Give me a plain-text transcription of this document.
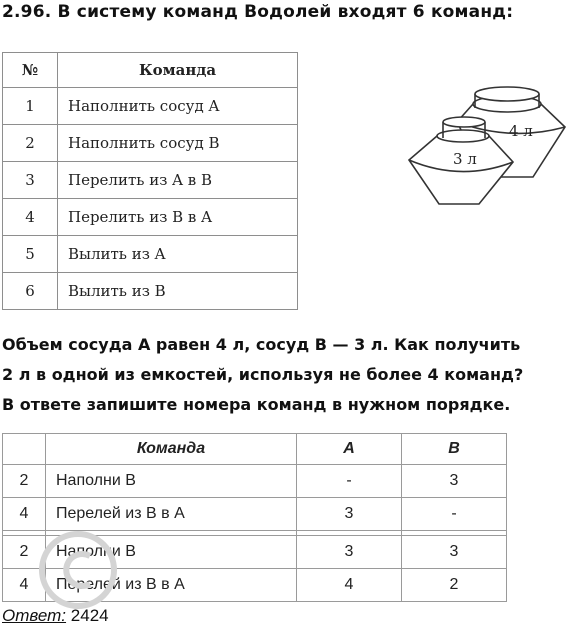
2.96. В систему команд Водолей входят 6 команд:
№	Команда
1	Наполнить сосуд A
2	Наполнить сосуд B
3	Перелить из A в B
4	Перелить из B в A
5	Вылить из A
6	Вылить из B
4 л
3 л
Объем сосуда А равен 4 л, сосуд В — 3 л. Как получить
2 л в одной из емкостей, используя не более 4 команд?
В ответе запишите номера команд в нужном порядке.
	Команда	А	В
2	Наполни В	-	3
4	Перелей из В в А	3	-

2	Наполни В	3	3
4	Перелей из В в А	4	2
Ответ: 2424
